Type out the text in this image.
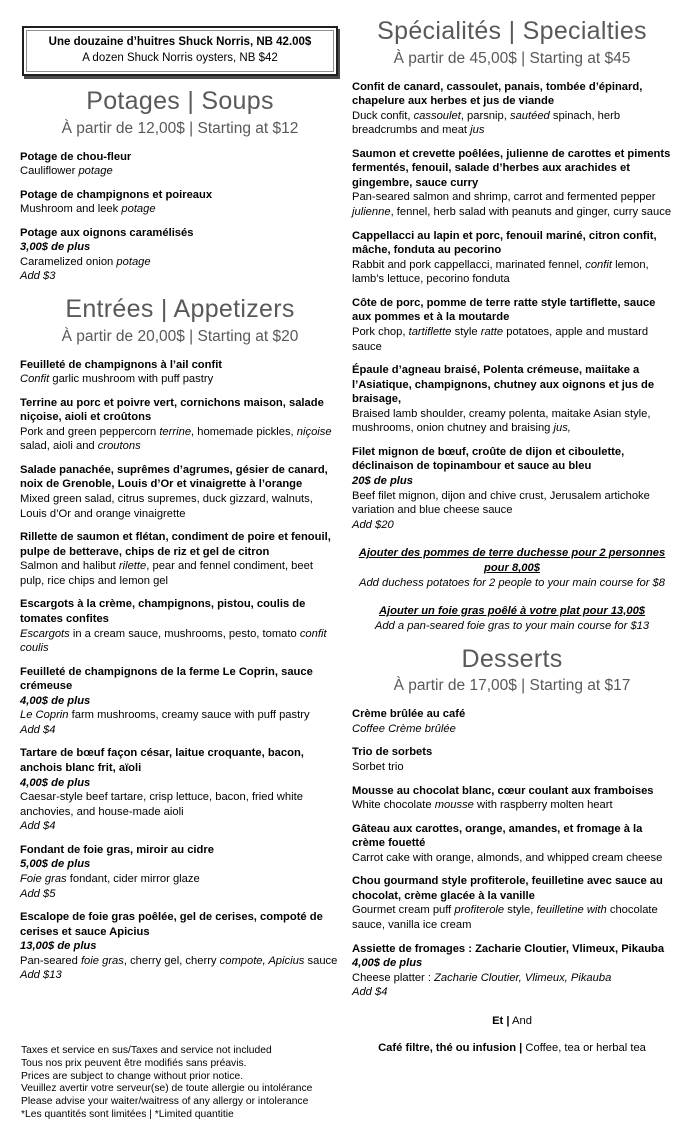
Une douzaine d’huitres Shuck Norris, NB 42.00$
A dozen Shuck Norris oysters, NB $42
Potages | Soups
À partir de 12,00$ | Starting at $12
Potage de chou-fleur
Cauliflower potage
Potage de champignons et poireaux
Mushroom and leek potage
Potage aux oignons caramélisés
3,00$ de plus
Caramelized onion potage
Add $3
Entrées | Appetizers
À partir de 20,00$ | Starting at $20
Feuilleté de champignons à l’ail confit
Confit garlic mushroom with puff pastry
Terrine au porc et poivre vert, cornichons maison, salade niçoise, aioli et croûtons
Pork and green peppercorn terrine, homemade pickles, niçoise salad, aioli and croutons
Salade panachée, suprêmes d’agrumes, gésier de canard, noix de Grenoble, Louis d’Or et vinaigrette à l’orange
Mixed green salad, citrus supremes, duck gizzard, walnuts, Louis d’Or and orange vinaigrette
Rillette de saumon et flétan, condiment de poire et fenouil, pulpe de betterave, chips de riz et gel de citron
Salmon and halibut rilette, pear and fennel condiment, beet pulp, rice chips and lemon gel
Escargots à la crème, champignons, pistou, coulis de tomates confites
Escargots in a cream sauce, mushrooms, pesto, tomato confit coulis
Feuilleté de champignons de la ferme Le Coprin, sauce crémeuse
4,00$ de plus
Le Coprin farm mushrooms, creamy sauce with puff pastry
Add $4
Tartare de bœuf façon césar, laitue croquante, bacon, anchois blanc frit, aïoli
4,00$ de plus
Caesar-style beef tartare, crisp lettuce, bacon, fried white anchovies, and house-made aioli
Add $4
Fondant de foie gras, miroir au cidre
5,00$ de plus
Foie gras fondant, cider mirror glaze
Add $5
Escalope de foie gras poêlée, gel de cerises, compoté de cerises et sauce Apicius
13,00$ de plus
Pan-seared foie gras, cherry gel, cherry compote, Apicius sauce
Add $13
Spécialités | Specialties
À partir de 45,00$ | Starting at $45
Confit de canard, cassoulet, panais, tombée d’épinard, chapelure aux herbes et jus de viande
Duck confit, cassoulet, parsnip, sautéed spinach, herb breadcrumbs and meat jus
Saumon et crevette poêlées, julienne de carottes et piments fermentés, fenouil, salade d’herbes aux arachides et gingembre, sauce curry
Pan-seared salmon and shrimp, carrot and fermented pepper julienne, fennel, herb salad with peanuts and ginger, curry sauce
Cappellacci au lapin et porc, fenouil mariné, citron confit, mâche, fonduta au pecorino
Rabbit and pork cappellacci, marinated fennel, confit lemon, lamb’s lettuce, pecorino fonduta
Côte de porc, pomme de terre ratte style tartiflette, sauce aux pommes et à la moutarde
Pork chop, tartiflette style ratte potatoes, apple and mustard sauce
Épaule d’agneau braisé, Polenta crémeuse, maiitake a l’Asiatique, champignons, chutney aux oignons et jus de braisage,
Braised lamb shoulder, creamy polenta, maitake Asian style, mushrooms, onion chutney and braising jus,
Filet mignon de bœuf, croûte de dijon et ciboulette, déclinaison de topinambour et sauce au bleu
20$ de plus
Beef filet mignon, dijon and chive crust, Jerusalem artichoke variation and blue cheese sauce
Add $20
Ajouter des pommes de terre duchesse pour 2 personnes pour 8,00$
Add duchess potatoes for 2 people to your main course for $8
Ajouter un foie gras poêlé à votre plat pour 13,00$
Add a pan-seared foie gras to your main course for $13
Desserts
À partir de 17,00$ | Starting at $17
Crème brûlée au café
Coffee Crème brûlée
Trio de sorbets
Sorbet trio
Mousse au chocolat blanc, cœur coulant aux framboises
White chocolate mousse with raspberry molten heart
Gâteau aux carottes, orange, amandes, et fromage à la crème fouetté
Carrot cake with orange, almonds, and whipped cream cheese
Chou gourmand style profiterole, feuilletine avec sauce au chocolat, crème glacée à la vanille
Gourmet cream puff profiterole style, feuilletine with chocolate sauce, vanilla ice cream
Assiette de fromages : Zacharie Cloutier, Vlimeux, Pikauba
4,00$ de plus
Cheese platter : Zacharie Cloutier, Vlimeux, Pikauba
Add $4
Et | And
Café filtre, thé ou infusion | Coffee, tea or herbal tea
Taxes et service en sus/Taxes and service not included
Tous nos prix peuvent être modifiés sans préavis.
Prices are subject to change without prior notice.
Veuillez avertir votre serveur(se) de toute allergie ou intolérance
Please advise your waiter/waitress of any allergy or intolerance
*Les quantités sont limitées | *Limited quantitie
